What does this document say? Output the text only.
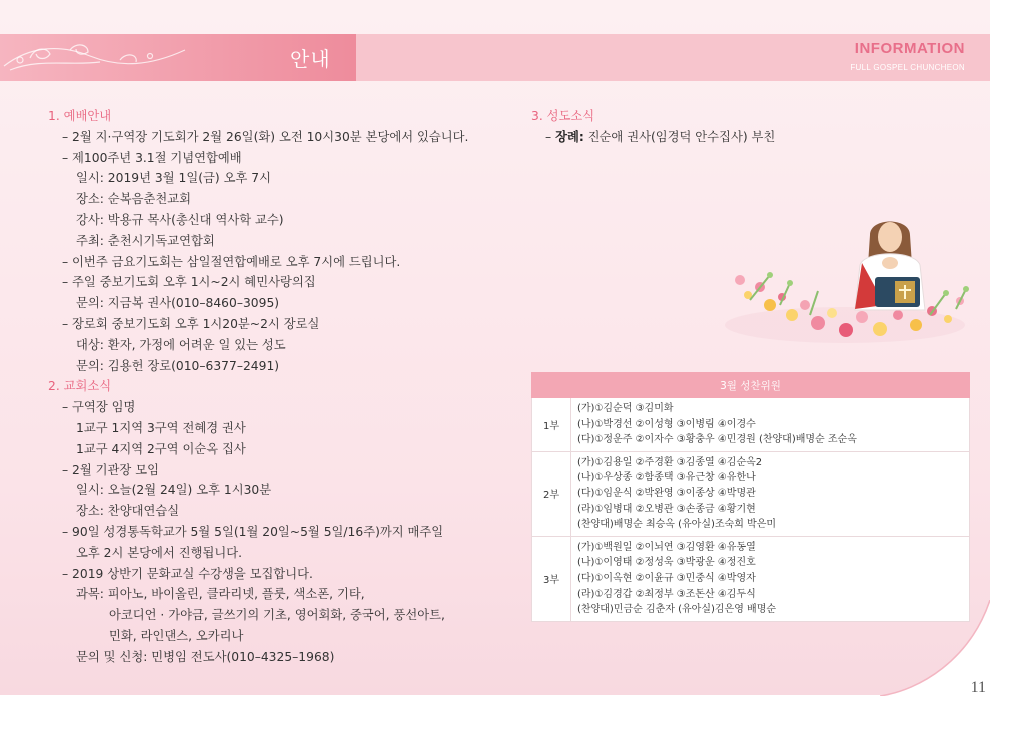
안내	INFORMATION
FULL GOSPEL CHUNCHEON
1. 예배안내
– 2월 지·구역장 기도회가 2월 26일(화) 오전 10시30분 본당에서 있습니다.
– 제100주년 3.1절 기념연합예배
일시: 2019년 3월 1일(금) 오후 7시
장소: 순복음춘천교회
강사: 박용규 목사(총신대 역사학 교수)
주최: 춘천시기독교연합회
– 이번주 금요기도회는 삼일절연합예배로 오후 7시에 드립니다.
– 주일 중보기도회 오후 1시~2시 혜민사랑의집
문의: 지금복 권사(010–8460–3095)
– 장로회 중보기도회 오후 1시20분~2시 장로실
대상: 환자, 가정에 어려운 일 있는 성도
문의: 김용헌 장로(010–6377–2491)
2. 교회소식
– 구역장 임명
1교구 1지역 3구역 전혜경 권사
1교구 4지역 2구역 이순옥 집사
– 2월 기관장 모임
일시: 오늘(2월 24일) 오후 1시30분
장소: 찬양대연습실
– 90일 성경통독학교가 5월 5일(1월 20일~5월 5일/16주)까지 매주일
오후 2시 본당에서 진행됩니다.
– 2019 상반기 문화교실 수강생을 모집합니다.
과목: 피아노, 바이올린, 클라리넷, 플룻, 색소폰, 기타,
아코디언 · 가야금, 글쓰기의 기초, 영어회화, 중국어, 풍선아트,
민화, 라인댄스, 오카리나
문의 및 신청: 민병임 전도사(010–4325–1968)
3. 성도소식
– 장례: 진순애 권사(임경덕 안수집사) 부친
3월 성찬위원	
1부	(가)①김순덕 ③김미화
(나)①박경선 ②이성형 ③이병림 ④이경수
(다)①정운주 ②이자수 ③황충우 ④민경원 (찬양대)배명순 조순옥

2부	(가)①김용일 ②주경환 ③김종열 ④김순옥2
(나)①우상종 ②함종택 ③유근창 ④유한나
(다)①임운식 ②박완영 ③이종상 ④박명관
(라)①임병대 ②오병관 ③손종금 ④황기현
(찬양대)배명순 최승옥 (유아실)조숙희 박은미

3부	(가)①백원일 ②이뇌연 ③김영환 ④유동열
(나)①이영태 ②정성욱 ③박광운 ④정진호
(다)①이옥현 ②이윤규 ③민중식 ④박영자
(라)①김경갑 ②최정부 ③조돈산 ④김두식
(찬양대)민금순 김춘자 (유아실)김은영 배명순
11
